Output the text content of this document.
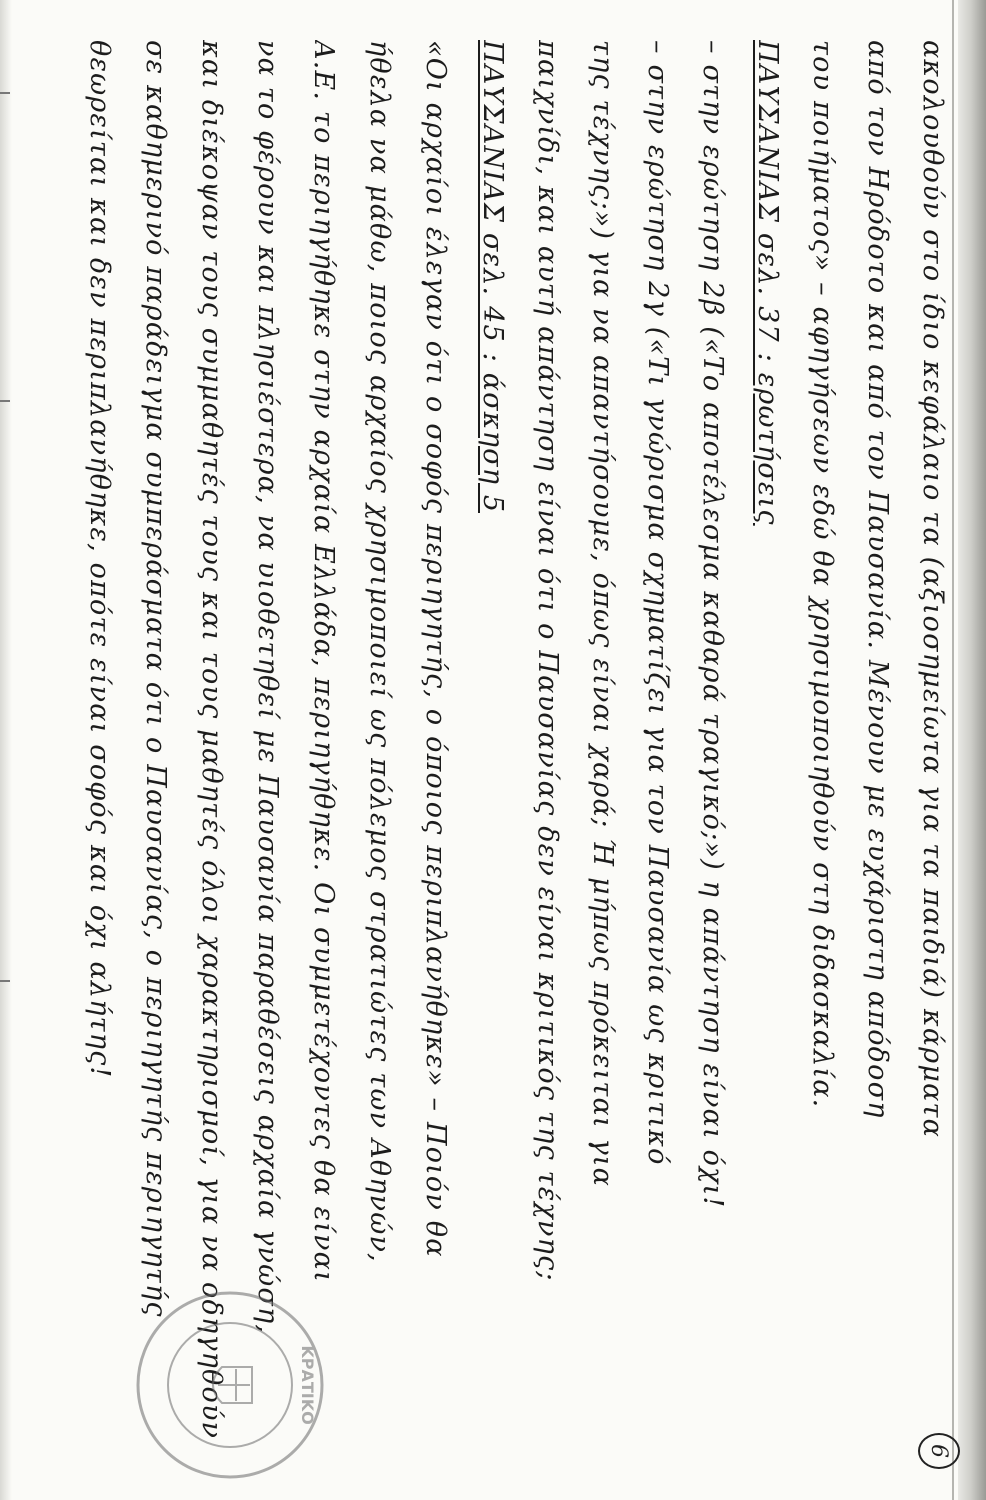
ακολουθούν στο ίδιο κεφάλαιο τα (αξιοσημείωτα για τα παιδιά) κάρματα
από τον Ηρόδοτο και από τον Παυσανία. Μένουν με ευχάριστη απόδοση
του ποιήματος» – αφηγήσεων εδώ θα χρησιμοποιηθούν στη διδασκαλία.
ΠΑΥΣΑΝΙΑΣ σελ. 37 : ερωτήσεις
– στην ερώτηση 2β («Το αποτέλεσμα καθαρά τραγικό;») η απάντηση είναι όχι!
– στην ερώτηση 2γ («Τι γνώρισμα σχηματίζει για τον Παυσανία ως κριτικό
της τέχνης;») για να απαντήσουμε, όπως είναι χαρά; Ή μήπως πρόκειται για
παιχνίδι, και αυτή απάντηση είναι ότι ο Παυσανίας δεν είναι κριτικός της τέχνης;
ΠΑΥΣΑΝΙΑΣ σελ. 45 : άσκηση 5
«Οι αρχαίοι έλεγαν ότι ο σοφός περιηγητής, ο όποιος περιπλανήθηκε» – Ποιόν θα
ήθελα να μάθω, ποιος αρχαίος χρησιμοποιεί ως πόλεμος στρατιώτες των Αθηνών,
Α.Ε. το περιηγήθηκε στην αρχαία Ελλάδα, περιηγήθηκε. Οι συμμετέχοντες θα είναι
να το φέρουν και πλησιέστερα, να υιοθετηθεί με Παυσανία παραθέσεις αρχαία γνώση,
και διέκοψαν τους συμμαθητές τους και τους μαθητές όλοι χαρακτηρισμοί, για να οδηγηθούν
σε καθημερινό παράδειγμα συμπεράσματα ότι ο Παυσανίας, ο περιηγητής περιηγητής
θεωρείται και δεν περιπλανήθηκε, οπότε είναι σοφός και όχι αλήτης!
ΚΡΑΤΙΚΟ
6
